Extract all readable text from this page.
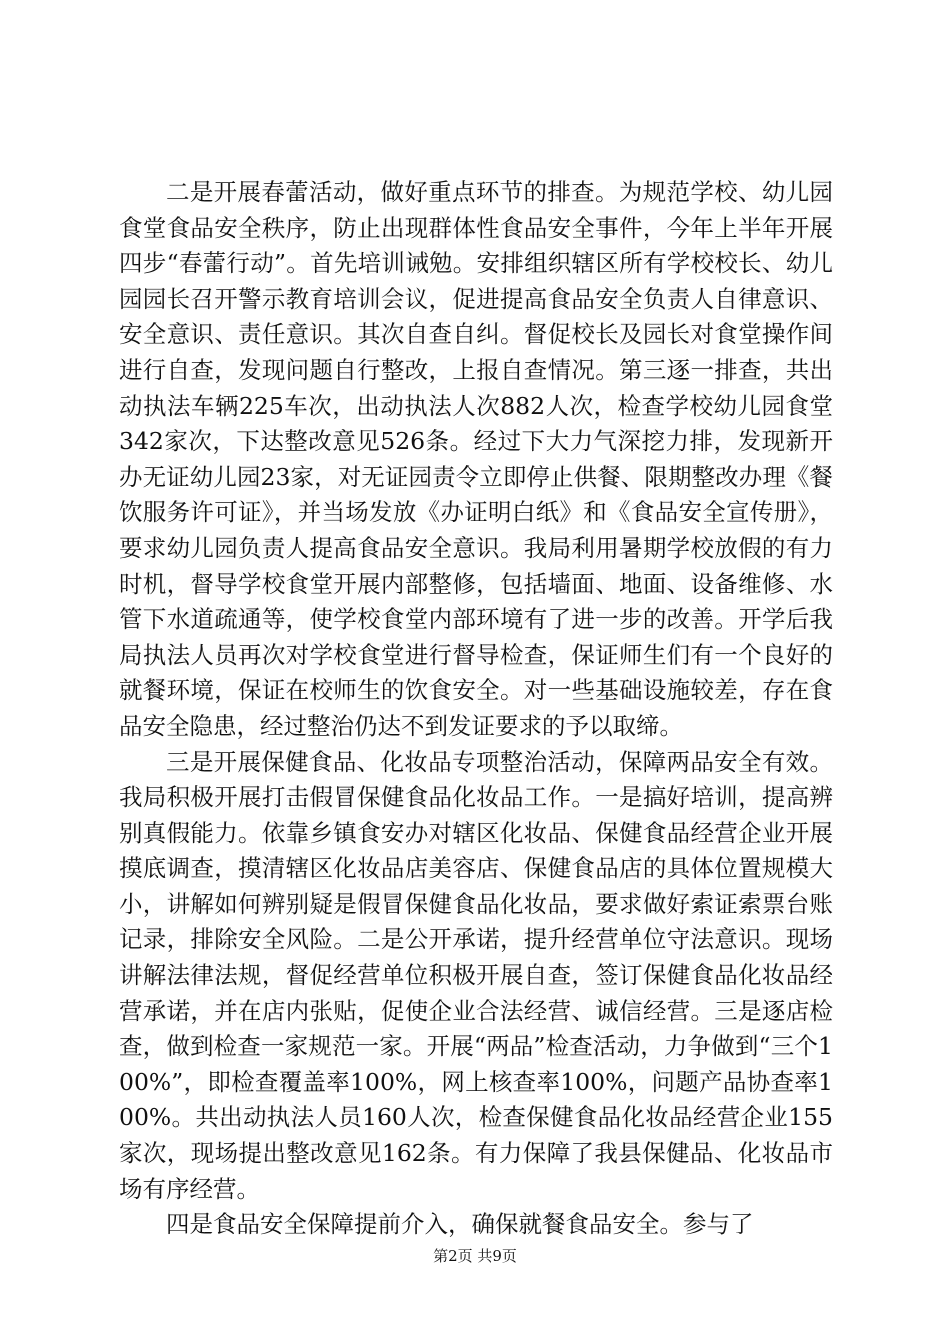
二是开展春蕾活动，做好重点环节的排查。为规范学校、幼儿园食堂食品安全秩序，防止出现群体性食品安全事件，今年上半年开展四步“春蕾行动”。首先培训诫勉。安排组织辖区所有学校校长、幼儿园园长召开警示教育培训会议，促进提高食品安全负责人自律意识、安全意识、责任意识。其次自查自纠。督促校长及园长对食堂操作间进行自查，发现问题自行整改，上报自查情况。第三逐一排查，共出动执法车辆225车次，出动执法人次882人次，检查学校幼儿园食堂342家次，下达整改意见526条。经过下大力气深挖力排，发现新开办无证幼儿园23家，对无证园责令立即停止供餐、限期整改办理《餐饮服务许可证》，并当场发放《办证明白纸》和《食品安全宣传册》，要求幼儿园负责人提高食品安全意识。我局利用暑期学校放假的有力时机，督导学校食堂开展内部整修，包括墙面、地面、设备维修、水管下水道疏通等，使学校食堂内部环境有了进一步的改善。开学后我局执法人员再次对学校食堂进行督导检查，保证师生们有一个良好的就餐环境，保证在校师生的饮食安全。对一些基础设施较差，存在食品安全隐患，经过整治仍达不到发证要求的予以取缔。

三是开展保健食品、化妆品专项整治活动，保障两品安全有效。我局积极开展打击假冒保健食品化妆品工作。一是搞好培训，提高辨别真假能力。依靠乡镇食安办对辖区化妆品、保健食品经营企业开展摸底调查，摸清辖区化妆品店美容店、保健食品店的具体位置规模大小，讲解如何辨别疑是假冒保健食品化妆品，要求做好索证索票台账记录，排除安全风险。二是公开承诺，提升经营单位守法意识。现场讲解法律法规，督促经营单位积极开展自查，签订保健食品化妆品经营承诺，并在店内张贴，促使企业合法经营、诚信经营。三是逐店检查，做到检查一家规范一家。开展“两品”检查活动，力争做到“三个100%”，即检查覆盖率100%，网上核查率100%，问题产品协查率100%。共出动执法人员160人次，检查保健食品化妆品经营企业155家次，现场提出整改意见162条。有力保障了我县保健品、化妆品市场有序经营。

四是食品安全保障提前介入，确保就餐食品安全。参与了

第2页 共9页
